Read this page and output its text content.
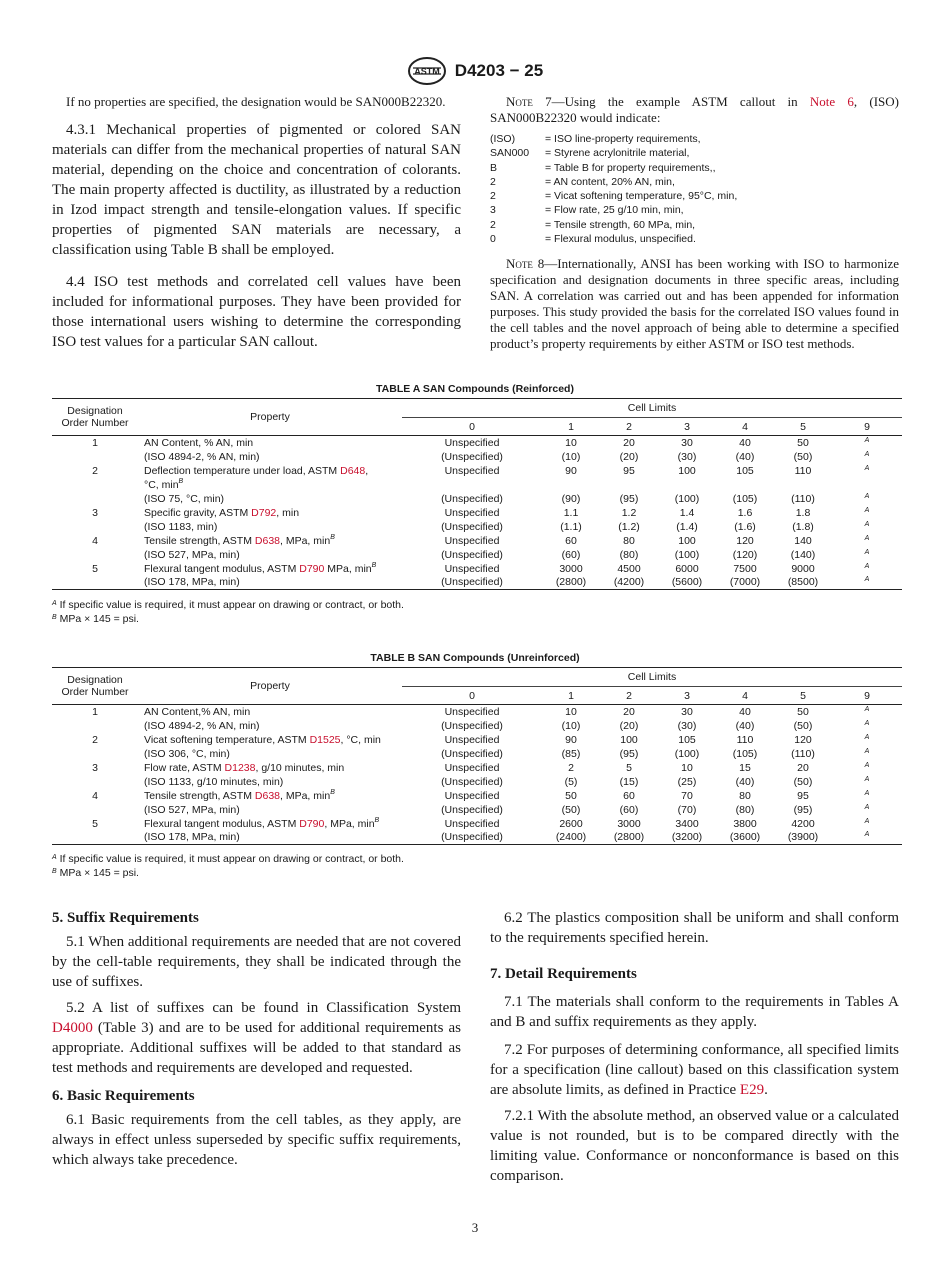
ASTM D4203 − 25

If no properties are specified, the designation would be SAN000B22320.

4.3.1 Mechanical properties of pigmented or colored SAN materials can differ from the mechanical properties of natural SAN material, depending on the choice and concentration of colorants. The main property affected is ductility, as illustrated by a reduction in Izod impact strength and tensile-elongation values. If specific properties of pigmented SAN materials are necessary, a classification using Table B shall be employed.

4.4 ISO test methods and correlated cell values have been included for informational purposes. They have been provided for those international users wishing to determine the corresponding ISO test values for a particular SAN callout.

Note 7—Using the example ASTM callout in Note 6, (ISO) SAN000B22320 would indicate:

(ISO)	= ISO line-property requirements,
SAN000 = Styrene acrylonitrile material,
B	= Table B for property requirements,,
2	= AN content, 20% AN, min,
2	= Vicat softening temperature, 95°C, min,
3	= Flow rate, 25 g/10 min, min,
2	= Tensile strength, 60 MPa, min,
0	= Flexural modulus, unspecified.

Note 8—Internationally, ANSI has been working with ISO to harmonize specification and designation documents in three specific areas, including SAN. A correlation was carried out and has been appended for information purposes. This study provided the basis for the correlated ISO values found in the cell tables and the novel approach of being able to determine a specified product’s property requirements by either ASTM or ISO test methods.

TABLE A SAN Compounds (Reinforced)
Designation
Order Number	Property	Cell Limits						
		0	1	2	3	4	5	9
1	AN Content, % AN, min	Unspecified	10	20	30	40	50	$^A$
	(ISO 4894-2, % AN, min)	(Unspecified)	(10)	(20)	(30)	(40)	(50)	$^A$
2	Deflection temperature under load, ASTM D648,	Unspecified	90	95	100	105	110	$^A$
	°C, $\min^B$							
	(ISO 75, °C, min)	(Unspecified)	(90)	(95)	(100)	(105)	(110)	$^A$
3	Specific gravity, ASTM D792, min	Unspecified	1.1	1.2	1.4	1.6	1.8	$^A$
	(ISO 1183, min)	(Unspecified)	(1.1)	(1.2)	(1.4)	(1.6)	(1.8)	$^A$
4	Tensile strength, ASTM D638, MPa, $\min^B$	Unspecified	60	80	100	120	140	$^A$
	(ISO 527, MPa, min)	(Unspecified)	(60)	(80)	(100)	(120)	(140)	$^A$
5	Flexural tangent modulus, ASTM D790 MPa, $\min^B$	Unspecified	3000	4500	6000	7500	9000	$^A$
	(ISO 178, MPa, min)	(Unspecified)	(2800)	(4200)	(5600)	(7000)	(8500)	$^A$
$^A$ If specific value is required, it must appear on drawing or contract, or both.
$^B$ MPa × 145 = psi.
TABLE B SAN Compounds (Unreinforced)
Designation
Order Number	Property	Cell Limits						
		0	1	2	3	4	5	9
1	AN Content,% AN, min	Unspecified	10	20	30	40	50	$^A$
	(ISO 4894-2, % AN, min)	(Unspecified)	(10)	(20)	(30)	(40)	(50)	$^A$
2	Vicat softening temperature, ASTM D1525, °C, min	Unspecified	90	100	105	110	120	$^A$
	(ISO 306, °C, min)	(Unspecified)	(85)	(95)	(100)	(105)	(110)	$^A$
3	Flow rate, ASTM D1238, g/10 minutes, min	Unspecified	2	5	10	15	20	$^A$
	(ISO 1133, g/10 minutes, min)	(Unspecified)	(5)	(15)	(25)	(40)	(50)	$^A$
4	Tensile strength, ASTM D638, MPa, $\min^B$	Unspecified	50	60	70	80	95	$^A$
	(ISO 527, MPa, min)	(Unspecified)	(50)	(60)	(70)	(80)	(95)	$^A$
5	Flexural tangent modulus, ASTM D790, MPa, $\min^B$	Unspecified	2600	3000	3400	3800	4200	$^A$
	(ISO 178, MPa, min)	(Unspecified)	(2400)	(2800)	(3200)	(3600)	(3900)	$^A$
$^A$ If specific value is required, it must appear on drawing or contract, or both.
$^B$ MPa × 145 = psi.
5. Suffix Requirements

5.1 When additional requirements are needed that are not covered by the cell-table requirements, they shall be indicated through the use of suffixes.

5.2 A list of suffixes can be found in Classification System D4000 (Table 3) and are to be used for additional requirements as appropriate. Additional suffixes will be added to that standard as test methods and requirements are developed and requested.

6. Basic Requirements

6.1 Basic requirements from the cell tables, as they apply, are always in effect unless superseded by specific suffix requirements, which always take precedence.

6.2 The plastics composition shall be uniform and shall conform to the requirements specified herein.

7. Detail Requirements

7.1 The materials shall conform to the requirements in Tables A and B and suffix requirements as they apply.

7.2 For purposes of determining conformance, all specified limits for a specification (line callout) based on this classification system are absolute limits, as defined in Practice E29.

7.2.1 With the absolute method, an observed value or a calculated value is not rounded, but is to be compared directly with the limiting value. Conformance or nonconformance is based on this comparison.

3
